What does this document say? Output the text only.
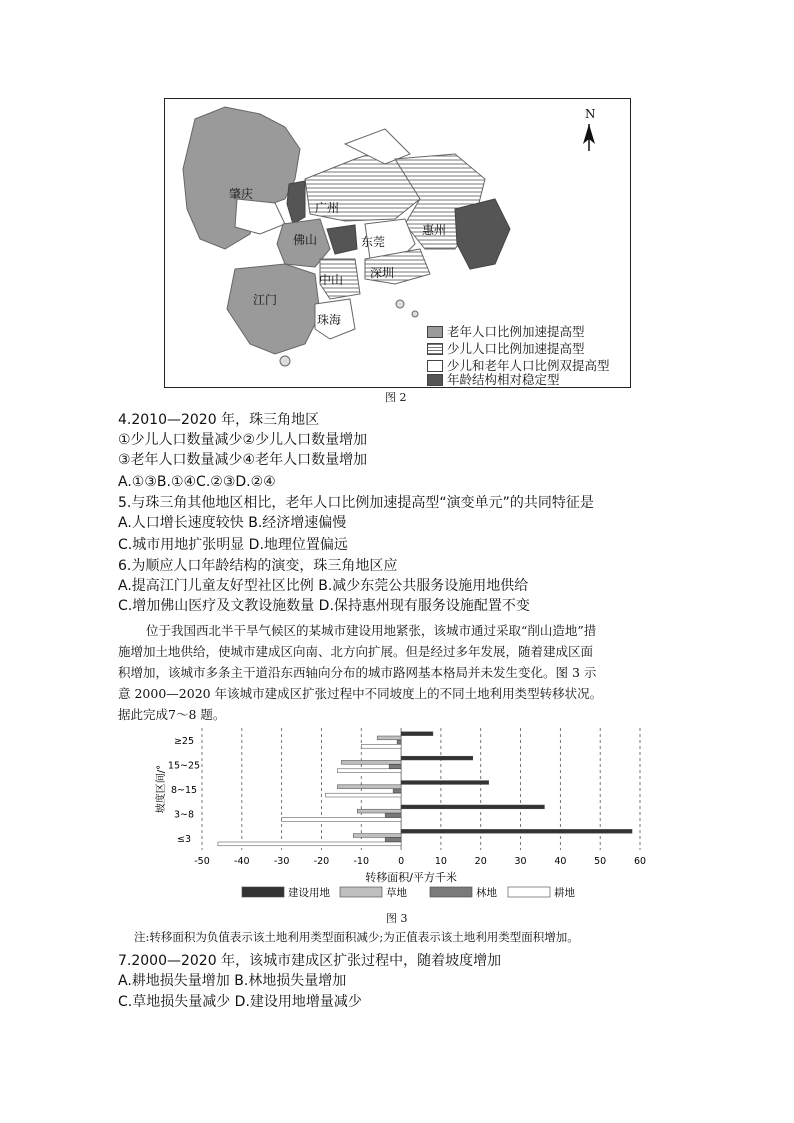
N
肇庆
广州
佛山	东莞
惠州
中山 深圳
江门
珠海
老年人口比例加速提高型
少儿人口比例加速提高型
少儿和老年人口比例双提高型
年龄结构相对稳定型
图 2
4.2010—2020 年，珠三角地区
①少儿人口数量减少②少儿人口数量增加
③老年人口数量减少④老年人口数量增加
A.①③B.①④C.②③D.②④
5.与珠三角其他地区相比，老年人口比例加速提高型“演变单元”的共同特征是
A.人口增长速度较快 B.经济增速偏慢
C.城市用地扩张明显 D.地理位置偏远
6.为顺应人口年龄结构的演变，珠三角地区应
A.提高江门儿童友好型社区比例 B.减少东莞公共服务设施用地供给
C.增加佛山医疗及文教设施数量 D.保持惠州现有服务设施配置不变
位于我国西北半干旱气候区的某城市建设用地紧张，该城市通过采取“削山造地”措
施增加土地供给，使城市建成区向南、北方向扩展。但是经过多年发展，随着建成区面
积增加，该城市多条主干道沿东西轴向分布的城市路网基本格局并未发生变化。图 3 示
意 2000—2020 年该城市建成区扩张过程中不同坡度上的不同土地利用类型转移状况。
据此完成7～8 题。
-50	-40	-30	-20	-10	0	10	20	30	40	50	60
转移面积/平方千米
坡度区间/°
≥25
15~25
8~15
3~8
≤3
建设用地	草地	林地	耕地
图 3
注:转移面积为负值表示该土地利用类型面积减少;为正值表示该土地利用类型面积增加。
7.2000—2020 年，该城市建成区扩张过程中，随着坡度增加
A.耕地损失量增加 B.林地损失量增加
C.草地损失量减少 D.建设用地增量减少
